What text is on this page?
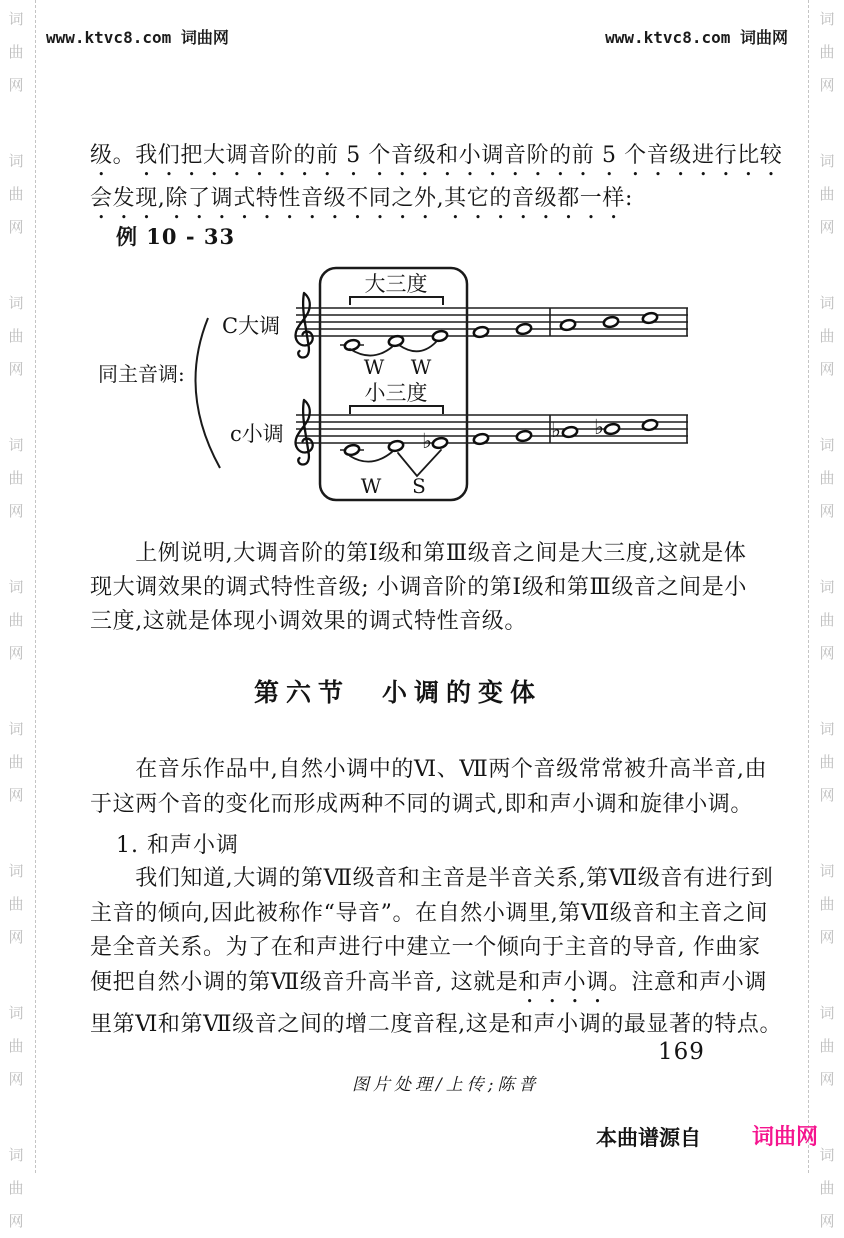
词
曲
网
词
曲
网
词
曲
网
词
曲
网
词
曲
网
词
曲
网
词
曲
网
词
曲
网
词
曲
网
词
曲
网
词
曲
网
词
曲
网
词
曲
网
词
曲
网
词
曲
网
词
曲
网
词
曲
网
词
曲
网
www.ktvc8.com 词曲网	www.ktvc8.com 词曲网
级。我们把大调音阶的前 5 个音级和小调音阶的前 5 个音级进行比较
会发现,除了调式特性音级不同之外,其它的音级都一样:
例 10 - 33
同主音调:
C大调
c小调
大三度
小三度
W W
♭	♭ ♭
W S
　　上例说明,大调音阶的第Ⅰ级和第Ⅲ级音之间是大三度,这就是体
现大调效果的调式特性音级; 小调音阶的第Ⅰ级和第Ⅲ级音之间是小
三度,这就是体现小调效果的调式特性音级。
第六节　小调的变体
　　在音乐作品中,自然小调中的Ⅵ、Ⅶ两个音级常常被升高半音,由
于这两个音的变化而形成两种不同的调式,即和声小调和旋律小调。
1. 和声小调
　　我们知道,大调的第Ⅶ级音和主音是半音关系,第Ⅶ级音有进行到
主音的倾向,因此被称作“导音”。在自然小调里,第Ⅶ级音和主音之间
是全音关系。为了在和声进行中建立一个倾向于主音的导音, 作曲家
便把自然小调的第Ⅶ级音升高半音, 这就是和声小调。注意和声小调
里第Ⅵ和第Ⅶ级音之间的增二度音程,这是和声小调的最显著的特点。
169
图片处理/上传;陈普
本曲谱源自 词曲网
